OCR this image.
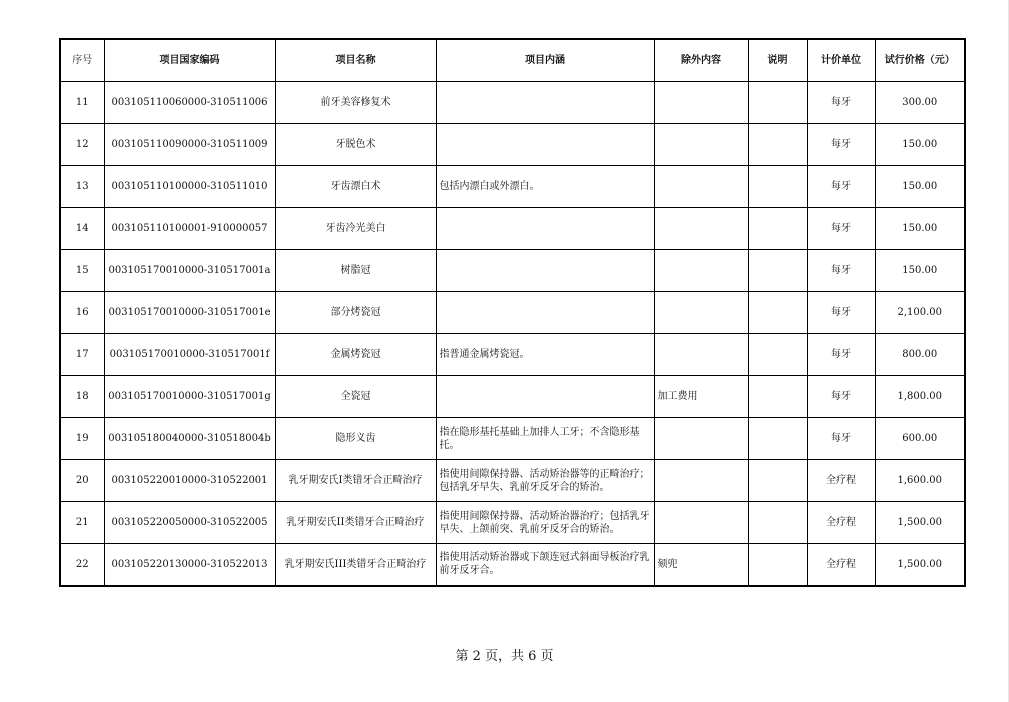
序号	项目国家编码	项目名称	项目内涵	除外内容	说明	计价单位	试行价格（元）
11	003105110060000-310511006	前牙美容修复术				每牙	300.00
12	003105110090000-310511009	牙脱色术				每牙	150.00
13	003105110100000-310511010	牙齿漂白术	包括内漂白或外漂白。			每牙	150.00
14	003105110100001-910000057	牙齿冷光美白				每牙	150.00
15	003105170010000-310517001a	树脂冠				每牙	150.00
16	003105170010000-310517001e	部分烤瓷冠				每牙	2,100.00
17	003105170010000-310517001f	金属烤瓷冠	指普通金属烤瓷冠。			每牙	800.00
18	003105170010000-310517001g	全瓷冠		加工费用		每牙	1,800.00
19	003105180040000-310518004b	隐形义齿	指在隐形基托基础上加排人工牙；不含隐形基托。			每牙	600.00
20	003105220010000-310522001	乳牙期安氏I类错牙合正畸治疗	指使用间隙保持器、活动矫治器等的正畸治疗；包括乳牙早失、乳前牙反牙合的矫治。			全疗程	1,600.00
21	003105220050000-310522005	乳牙期安氏II类错牙合正畸治疗	指使用间隙保持器、活动矫治器治疗；包括乳牙早失、上颌前突、乳前牙反牙合的矫治。			全疗程	1,500.00
22	003105220130000-310522013	乳牙期安氏III类错牙合正畸治疗	指使用活动矫治器或下颌连冠式斜面导板治疗乳前牙反牙合。	颏兜		全疗程	1,500.00
第 2 页，共 6 页
